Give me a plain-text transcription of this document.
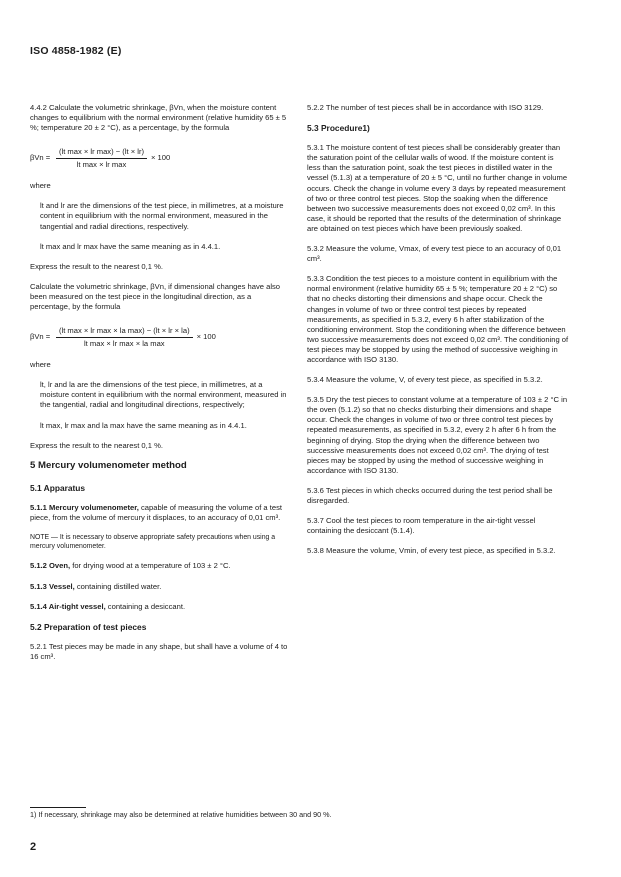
ISO 4858-1982 (E)

4.4.2 Calculate the volumetric shrinkage, βVn, when the moisture content changes to equilibrium with the normal environment (relative humidity 65 ± 5 %; temperature 20 ± 2 °C), as a percentage, by the formula

$\beta Vn = \frac{\text{(lt max × lr max) − (lt × lr)}}{\text{lt max × lr max}} \times 100$

where

lt and lr are the dimensions of the test piece, in millimetres, at a moisture content in equilibrium with the normal environment, measured in the tangential and radial directions, respectively.

lt max and lr max have the same meaning as in 4.4.1.

Express the result to the nearest 0,1 %.

Calculate the volumetric shrinkage, βVn, if dimensional changes have also been measured on the test piece in the longitudinal direction, as a percentage, by the formula

$\beta Vn = \frac{\text{(lt max × lr max × la max) − (lt × lr × la)}}{\text{lt max × lr max × la max}} \times 100$

where

lt, lr and la are the dimensions of the test piece, in millimetres, at a moisture content in equilibrium with the normal environment, measured in the tangential, radial and longitudinal directions, respectively;

lt max, lr max and la max have the same meaning as in 4.4.1.

Express the result to the nearest 0,1 %.

5 Mercury volumenometer method

5.1 Apparatus

5.1.1 Mercury volumenometer, capable of measuring the volume of a test piece, from the volume of mercury it displaces, to an accuracy of 0,01 cm³.

NOTE — It is necessary to observe appropriate safety precautions when using a mercury volumenometer.

5.1.2 Oven, for drying wood at a temperature of 103 ± 2 °C.

5.1.3 Vessel, containing distilled water.

5.1.4 Air-tight vessel, containing a desiccant.

5.2 Preparation of test pieces

5.2.1 Test pieces may be made in any shape, but shall have a volume of 4 to 16 cm³.

5.2.2 The number of test pieces shall be in accordance with ISO 3129.

5.3 Procedure1)

5.3.1 The moisture content of test pieces shall be considerably greater than the saturation point of the cellular walls of wood. If the moisture content is less than the saturation point, soak the test pieces in distilled water in the vessel (5.1.3) at a temperature of 20 ± 5 °C, until no further change in volume occurs. Check the change in volume every 3 days by repeated measurement of two or three control test pieces. Stop the soaking when the difference between two successive measurements does not exceed 0,02 cm³. In this case, it should be reported that the results of the determination of shrinkage are obtained on test pieces which have been previously soaked.

5.3.2 Measure the volume, Vmax, of every test piece to an accuracy of 0,01 cm³.

5.3.3 Condition the test pieces to a moisture content in equilibrium with the normal environment (relative humidity 65 ± 5 %; temperature 20 ± 2 °C) so that no checks distorting their dimensions and shape occur. Check the changes in volume of two or three control test pieces by repeated measurements, as specified in 5.3.2, every 6 h after stabilization of the conditioning environment. Stop the conditioning when the difference between two successive measurements does not exceed 0,02 cm³. The conditioning of test pieces may be stopped by using the method of successive weighing in accordance with ISO 3130.

5.3.4 Measure the volume, V, of every test piece, as specified in 5.3.2.

5.3.5 Dry the test pieces to constant volume at a temperature of 103 ± 2 °C in the oven (5.1.2) so that no checks disturbing their dimensions and shape occur. Check the changes in volume of two or three control test pieces by repeated measurements, as specified in 5.3.2, every 2 h after 6 h from the beginning of drying. Stop the drying when the difference between two successive measurements does not exceed 0,02 cm³. The drying of test pieces may be stopped by using the method of successive weighing in accordance with ISO 3130.

5.3.6 Test pieces in which checks occurred during the test period shall be disregarded.

5.3.7 Cool the test pieces to room temperature in the air-tight vessel containing the desiccant (5.1.4).

5.3.8 Measure the volume, Vmin, of every test piece, as specified in 5.3.2.

1) If necessary, shrinkage may also be determined at relative humidities between 30 and 90 %.
2
